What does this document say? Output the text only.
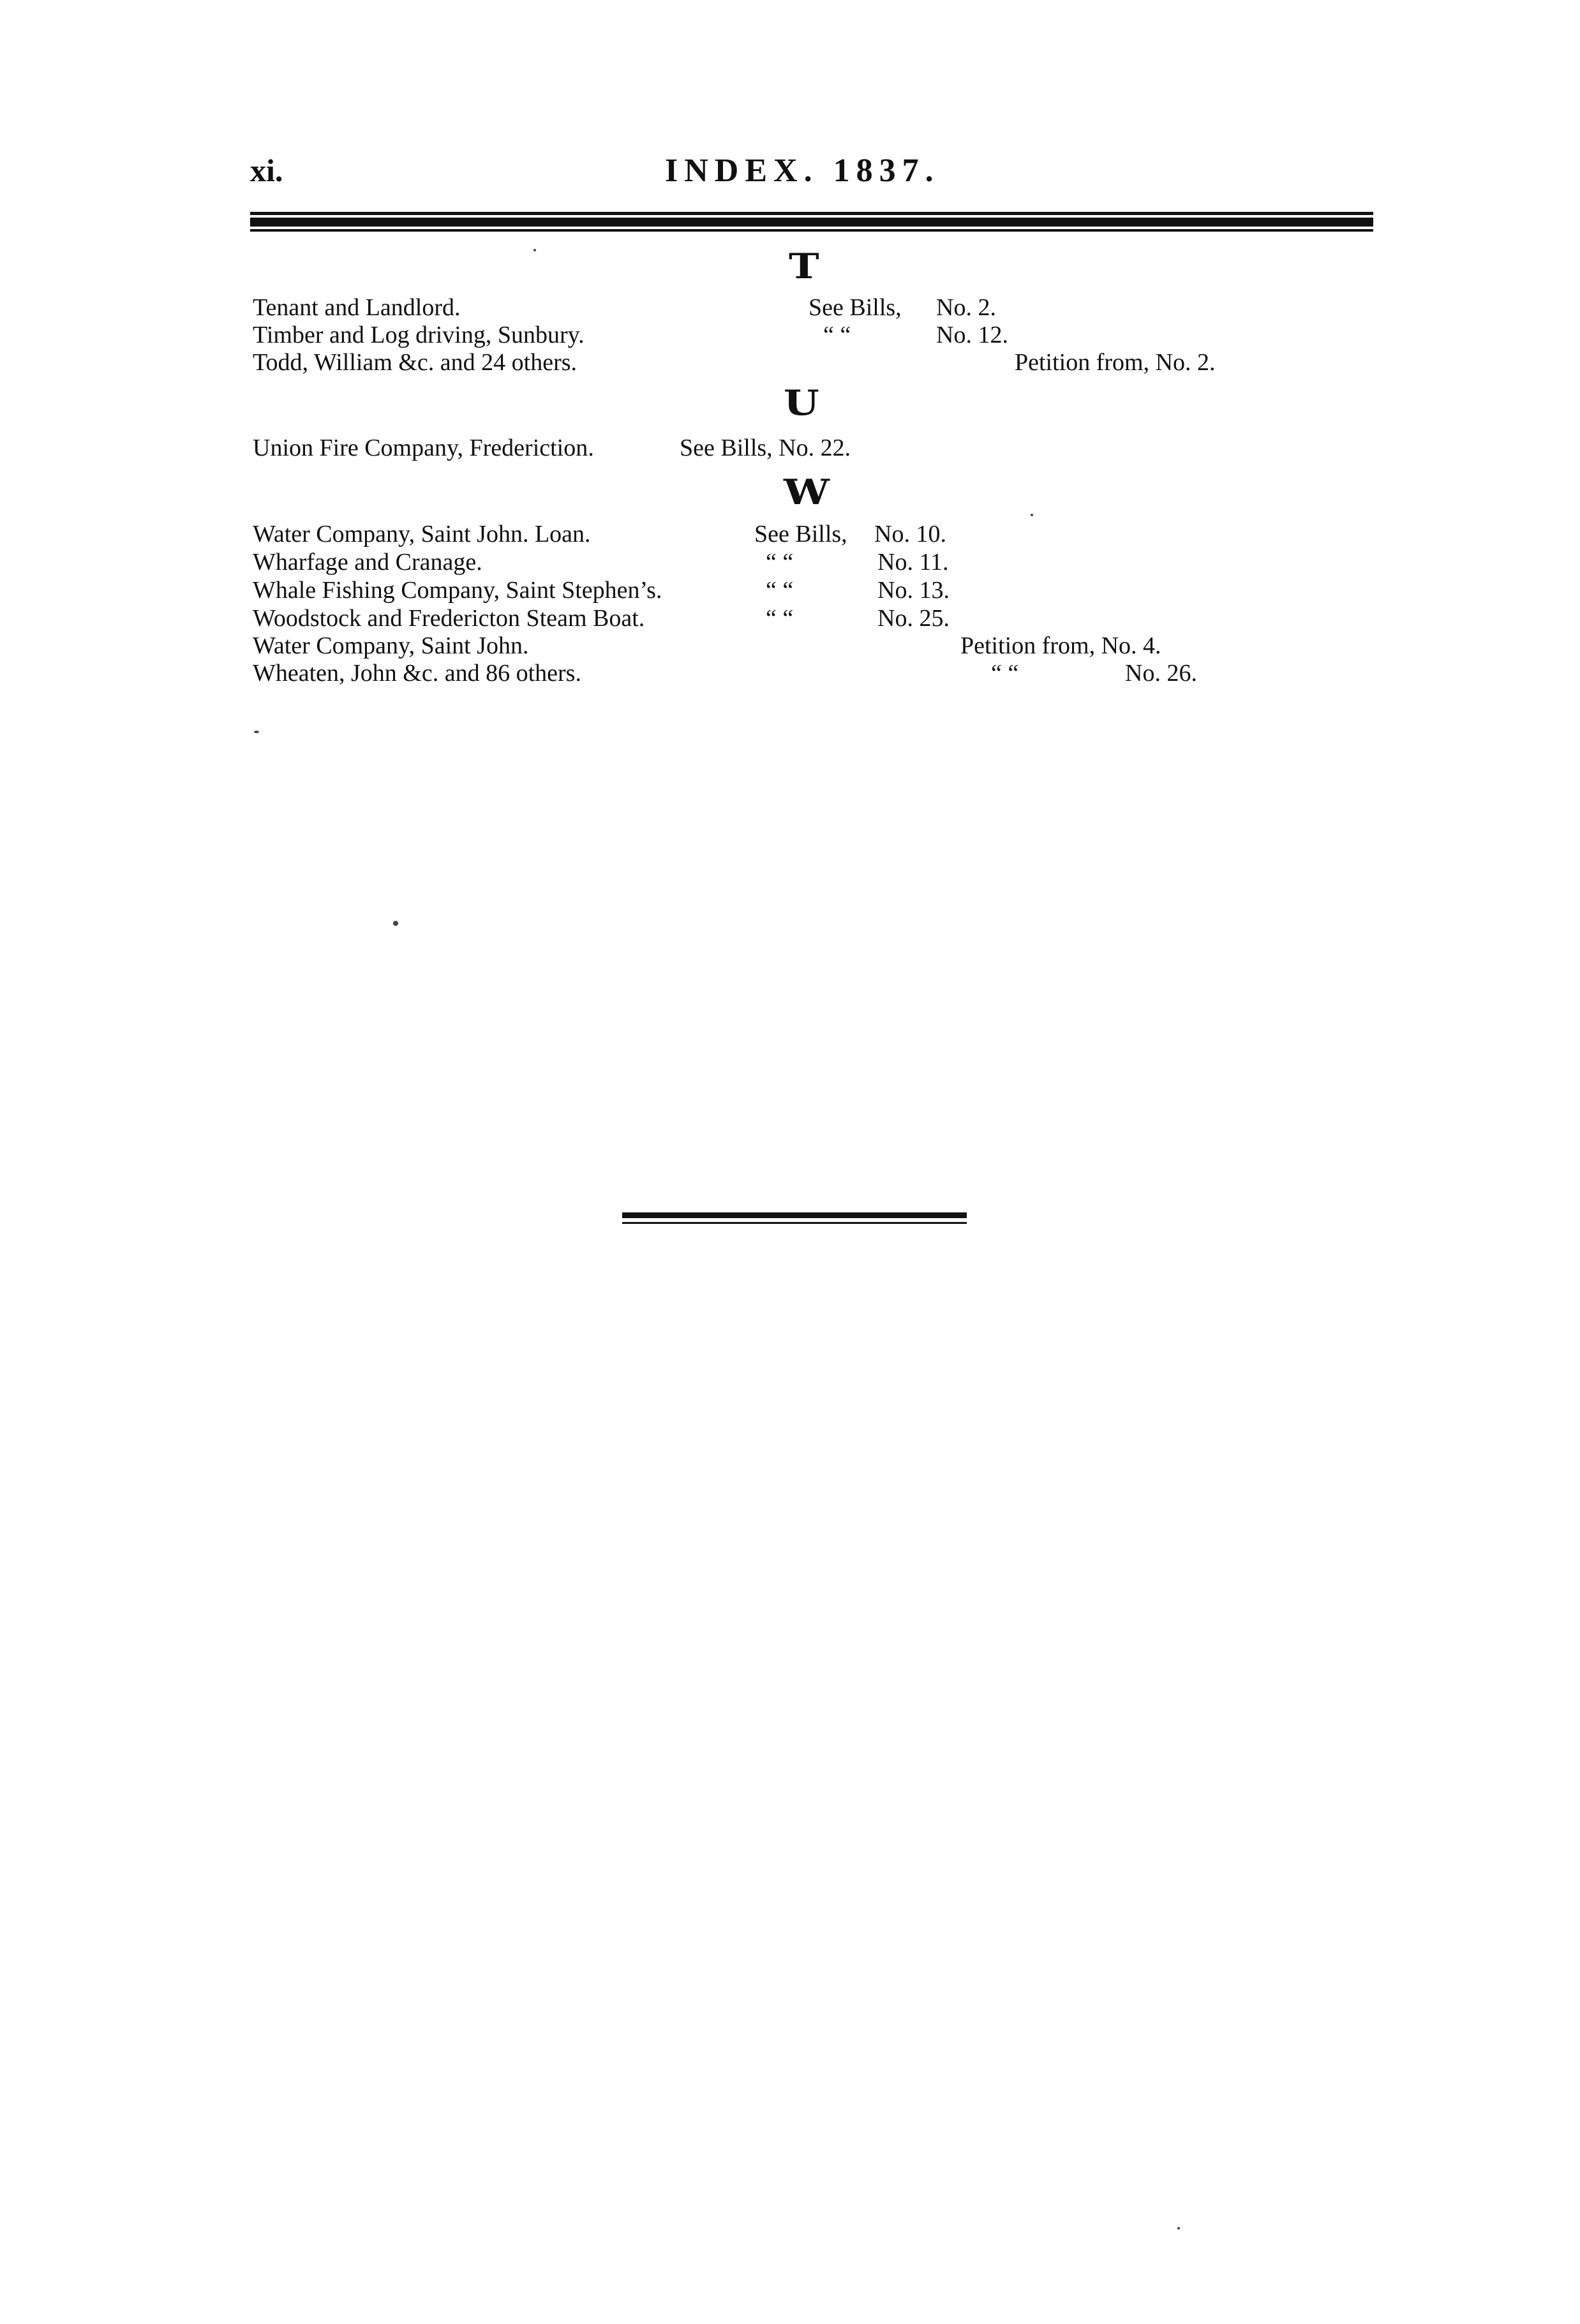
xi.	INDEX. 1837.
T
Tenant and Landlord.	See Bills, No. 2.
Timber and Log driving, Sunbury.	“ “	No. 12.
Todd, William &c. and 24 others.	Petition from, No. 2.
U
Union Fire Company, Frederiction.	See Bills, No. 22.
W
Water Company, Saint John. Loan.	See Bills, No. 10.
Wharfage and Cranage.	“ “	No. 11.
Whale Fishing Company, Saint Stephen’s.	“ “	No. 13.
Woodstock and Fredericton Steam Boat.	“ “	No. 25.
Water Company, Saint John.	Petition from, No. 4.
Wheaten, John &c. and 86 others.	“ “	No. 26.
